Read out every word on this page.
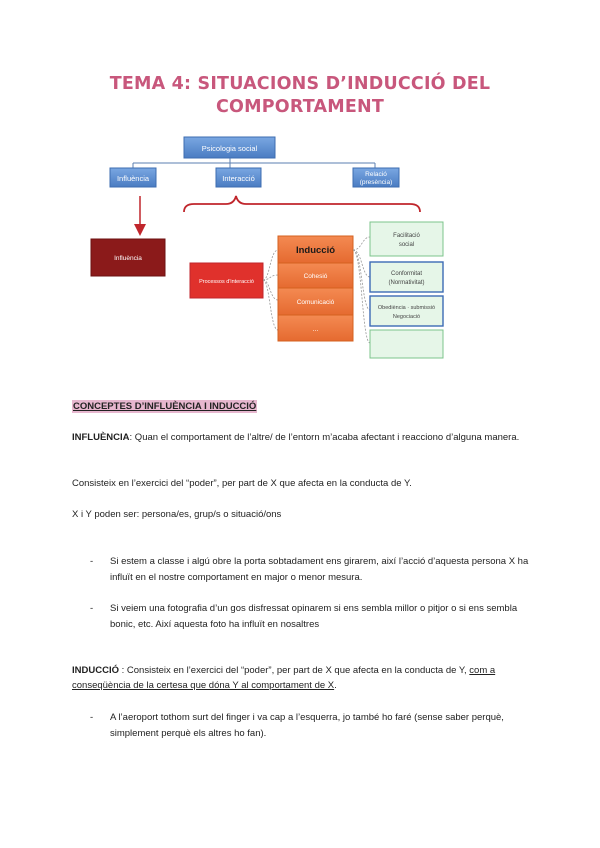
TEMA 4: SITUACIONS D’INDUCCIÓ DEL
COMPORTAMENT
Psicologia social
Influència	Interacció	Relació
(presència)
Influència
Processos d'interacció
Inducció
Cohesió
Comunicació
...
Facilitació
social
Conformitat
(Normativitat)
Obediència · submissió
Negociació
CONCEPTES D’INFLUÈNCIA I INDUCCIÓ
INFLUÈNCIA: Quan el comportament de l’altre/ de l’entorn m’acaba afectant i reacciono d’alguna manera.
Consisteix en l’exercici del “poder”, per part de X que afecta en la conducta de Y.
X i Y poden ser: persona/es, grup/s o situació/ons
- Si estem a classe i algú obre la porta sobtadament ens girarem, així l’acció d’aquesta persona X ha influït en el nostre comportament en major o menor mesura.
- Si veiem una fotografia d’un gos disfressat opinarem si ens sembla millor o pitjor o si ens sembla bonic, etc. Així aquesta foto ha influït en nosaltres
INDUCCIÓ : Consisteix en l’exercici del “poder”, per part de X que afecta en la conducta de Y, com a conseqüència de la certesa que dóna Y al comportament de X.
- A l’aeroport tothom surt del finger i va cap a l’esquerra, jo també ho faré (sense saber perquè, simplement perquè els altres ho fan).
